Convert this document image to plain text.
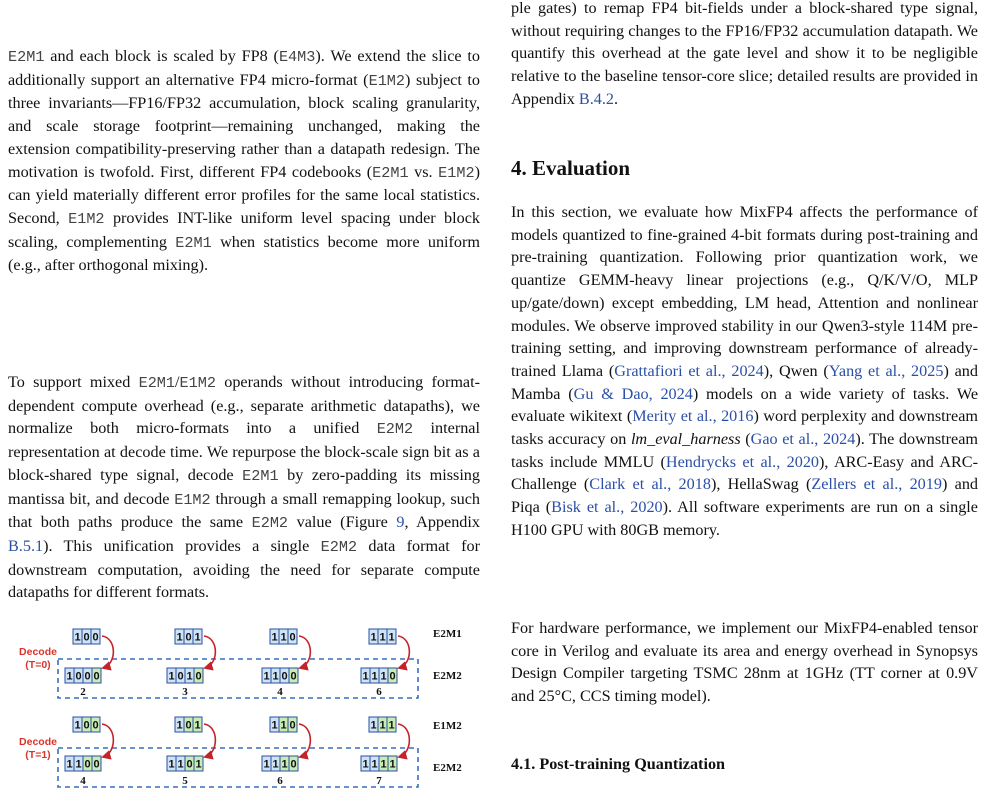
E2M1 and each block is scaled by FP8 (E4M3). We extend the slice to additionally support an alternative FP4 micro-format (E1M2) subject to three invariants—FP16/FP32 accumulation, block scaling granularity, and scale storage footprint—remaining unchanged, making the extension compatibility-preserving rather than a datapath redesign. The motivation is twofold. First, different FP4 codebooks (E2M1 vs. E1M2) can yield materially different error profiles for the same local statistics. Second, E1M2 provides INT-like uniform level spacing under block scaling, complementing E2M1 when statistics become more uniform (e.g., after orthogonal mixing).

To support mixed E2M1/E1M2 operands without introducing format-dependent compute overhead (e.g., separate arithmetic datapaths), we normalize both micro-formats into a unified E2M2 internal representation at decode time. We repurpose the block-scale sign bit as a block-shared type signal, decode E2M1 by zero-padding its missing mantissa bit, and decode E1M2 through a small remapping lookup, such that both paths produce the same E2M2 value (Figure 9, Appendix B.5.1). This unification provides a single E2M2 data format for downstream computation, avoiding the need for separate compute datapaths for different formats.

Decode
(T=0)
Decode
(T=1)
E2M1
E2M2
E1M2
E2M2
1 0 0	1 0 1	1 1 0	1 1 1
1 0 0 0	1 0 1 0	1 1 0 0	1 1 1 0
2	3	4	6
1 0 0	1 0 1	1 1 0	1 1 1
1 1 0 0	1 1 0 1	1 1 1 0	1 1 1 1
4	5	6	7

ple gates) to remap FP4 bit-fields under a block-shared type signal, without requiring changes to the FP16/FP32 accumulation datapath. We quantify this overhead at the gate level and show it to be negligible relative to the baseline tensor-core slice; detailed results are provided in Appendix B.4.2.

4. Evaluation

In this section, we evaluate how MixFP4 affects the performance of models quantized to fine-grained 4-bit formats during post-training and pre-training quantization. Following prior quantization work, we quantize GEMM-heavy linear projections (e.g., Q/K/V/O, MLP up/gate/down) except embedding, LM head, Attention and nonlinear modules. We observe improved stability in our Qwen3-style 114M pre-training setting, and improving downstream performance of already-trained Llama (Grattafiori et al., 2024), Qwen (Yang et al., 2025) and Mamba (Gu & Dao, 2024) models on a wide variety of tasks. We evaluate wikitext (Merity et al., 2016) word perplexity and downstream tasks accuracy on lm_eval_harness (Gao et al., 2024). The downstream tasks include MMLU (Hendrycks et al., 2020), ARC-Easy and ARC-Challenge (Clark et al., 2018), HellaSwag (Zellers et al., 2019) and Piqa (Bisk et al., 2020). All software experiments are run on a single H100 GPU with 80GB memory.

For hardware performance, we implement our MixFP4-enabled tensor core in Verilog and evaluate its area and energy overhead in Synopsys Design Compiler targeting TSMC 28nm at 1GHz (TT corner at 0.9V and 25°C, CCS timing model).

4.1. Post-training Quantization
